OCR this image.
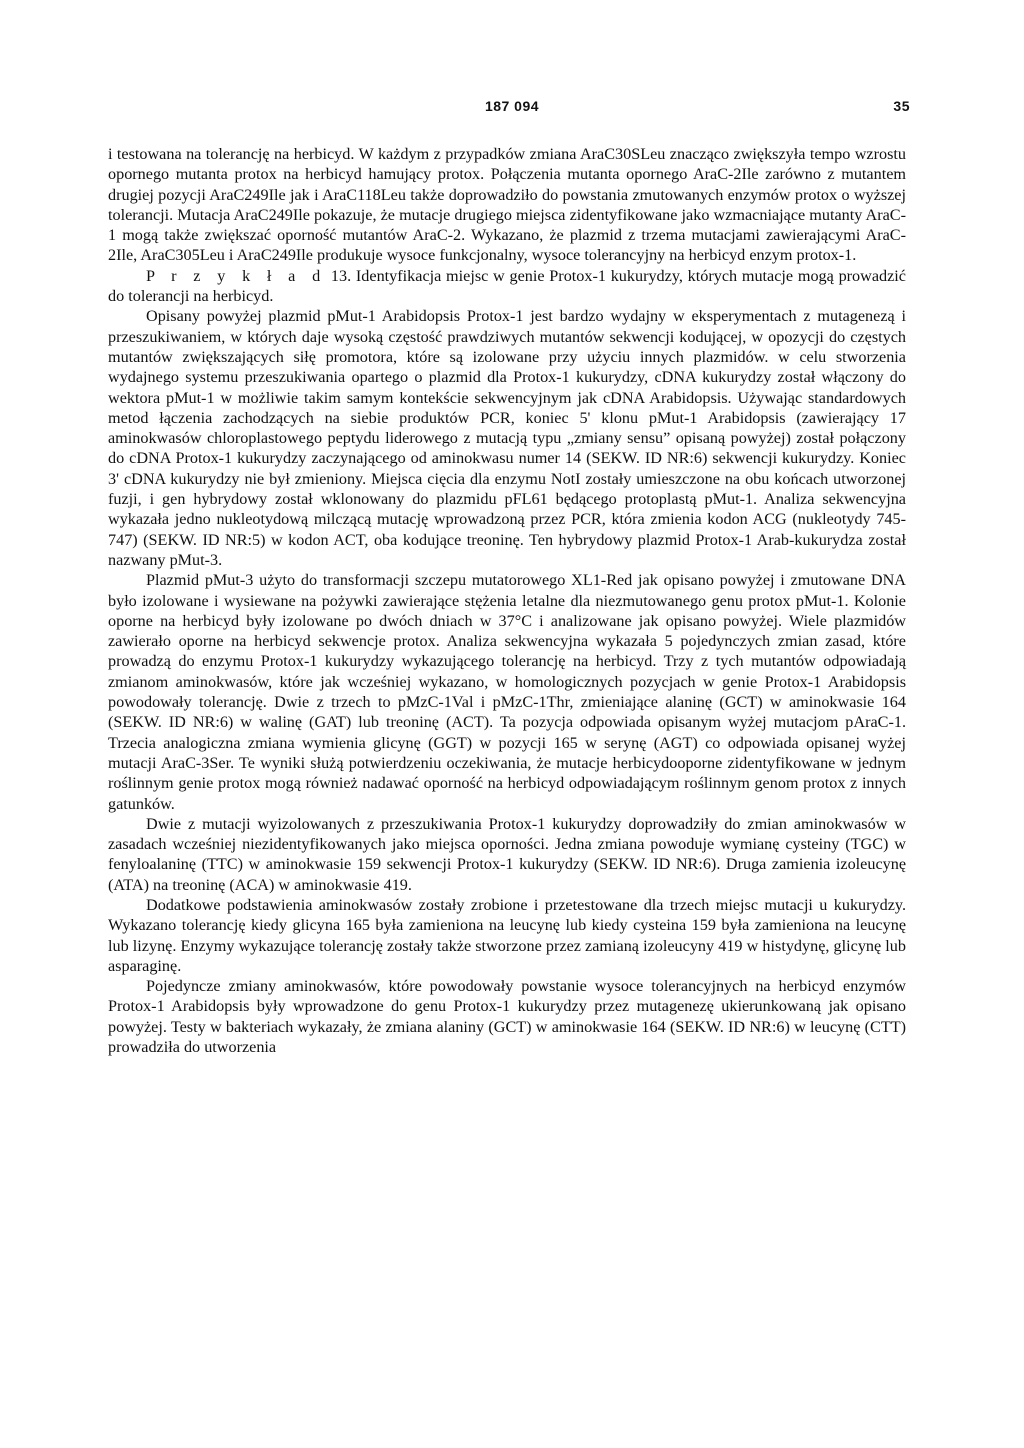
187 094	35

i testowana na tolerancję na herbicyd. W każdym z przypadków zmiana AraC30SLeu znacząco zwiększyła tempo wzrostu opornego mutanta protox na herbicyd hamujący protox. Połączenia mutanta opornego AraC-2Ile zarówno z mutantem drugiej pozycji AraC249Ile jak i AraC118Leu także doprowadziło do powstania zmutowanych enzymów protox o wyższej tolerancji. Mutacja AraC249Ile pokazuje, że mutacje drugiego miejsca zidentyfikowane jako wzmacniające mutanty AraC-1 mogą także zwiększać oporność mutantów AraC-2. Wykazano, że plazmid z trzema mutacjami zawierającymi AraC-2Ile, AraC305Leu i AraC249Ile produkuje wysoce funkcjonalny, wysoce tolerancyjny na herbicyd enzym protox-1.

P r z y k ł a d 13. Identyfikacja miejsc w genie Protox-1 kukurydzy, których mutacje mogą prowadzić do tolerancji na herbicyd.

Opisany powyżej plazmid pMut-1 Arabidopsis Protox-1 jest bardzo wydajny w eksperymentach z mutagenezą i przeszukiwaniem, w których daje wysoką częstość prawdziwych mutantów sekwencji kodującej, w opozycji do częstych mutantów zwiększających siłę promotora, które są izolowane przy użyciu innych plazmidów. w celu stworzenia wydajnego systemu przeszukiwania opartego o plazmid dla Protox-1 kukurydzy, cDNA kukurydzy został włączony do wektora pMut-1 w możliwie takim samym kontekście sekwencyjnym jak cDNA Arabidopsis. Używając standardowych metod łączenia zachodzących na siebie produktów PCR, koniec 5' klonu pMut-1 Arabidopsis (zawierający 17 aminokwasów chloroplastowego peptydu liderowego z mutacją typu „zmiany sensu” opisaną powyżej) został połączony do cDNA Protox-1 kukurydzy zaczynającego od aminokwasu numer 14 (SEKW. ID NR:6) sekwencji kukurydzy. Koniec 3' cDNA kukurydzy nie był zmieniony. Miejsca cięcia dla enzymu NotI zostały umieszczone na obu końcach utworzonej fuzji, i gen hybrydowy został wklonowany do plazmidu pFL61 będącego protoplastą pMut-1. Analiza sekwencyjna wykazała jedno nukleotydową milczącą mutację wprowadzoną przez PCR, która zmienia kodon ACG (nukleotydy 745-747) (SEKW. ID NR:5) w kodon ACT, oba kodujące treoninę. Ten hybrydowy plazmid Protox-1 Arab-kukurydza został nazwany pMut-3.

Plazmid pMut-3 użyto do transformacji szczepu mutatorowego XL1-Red jak opisano powyżej i zmutowane DNA było izolowane i wysiewane na pożywki zawierające stężenia letalne dla niezmutowanego genu protox pMut-1. Kolonie oporne na herbicyd były izolowane po dwóch dniach w 37°C i analizowane jak opisano powyżej. Wiele plazmidów zawierało oporne na herbicyd sekwencje protox. Analiza sekwencyjna wykazała 5 pojedynczych zmian zasad, które prowadzą do enzymu Protox-1 kukurydzy wykazującego tolerancję na herbicyd. Trzy z tych mutantów odpowiadają zmianom aminokwasów, które jak wcześniej wykazano, w homologicznych pozycjach w genie Protox-1 Arabidopsis powodowały tolerancję. Dwie z trzech to pMzC-1Val i pMzC-1Thr, zmieniające alaninę (GCT) w aminokwasie 164 (SEKW. ID NR:6) w walinę (GAT) lub treoninę (ACT). Ta pozycja odpowiada opisanym wyżej mutacjom pAraC-1. Trzecia analogiczna zmiana wymienia glicynę (GGT) w pozycji 165 w serynę (AGT) co odpowiada opisanej wyżej mutacji AraC-3Ser. Te wyniki służą potwierdzeniu oczekiwania, że mutacje herbicydooporne zidentyfikowane w jednym roślinnym genie protox mogą również nadawać oporność na herbicyd odpowiadającym roślinnym genom protox z innych gatunków.

Dwie z mutacji wyizolowanych z przeszukiwania Protox-1 kukurydzy doprowadziły do zmian aminokwasów w zasadach wcześniej niezidentyfikowanych jako miejsca oporności. Jedna zmiana powoduje wymianę cysteiny (TGC) w fenyloalaninę (TTC) w aminokwasie 159 sekwencji Protox-1 kukurydzy (SEKW. ID NR:6). Druga zamienia izoleucynę (ATA) na treoninę (ACA) w aminokwasie 419.

Dodatkowe podstawienia aminokwasów zostały zrobione i przetestowane dla trzech miejsc mutacji u kukurydzy. Wykazano tolerancję kiedy glicyna 165 była zamieniona na leucynę lub kiedy cysteina 159 była zamieniona na leucynę lub lizynę. Enzymy wykazujące tolerancję zostały także stworzone przez zamianą izoleucyny 419 w histydynę, glicynę lub asparaginę.

Pojedyncze zmiany aminokwasów, które powodowały powstanie wysoce tolerancyjnych na herbicyd enzymów Protox-1 Arabidopsis były wprowadzone do genu Protox-1 kukurydzy przez mutagenezę ukierunkowaną jak opisano powyżej. Testy w bakteriach wykazały, że zmiana alaniny (GCT) w aminokwasie 164 (SEKW. ID NR:6) w leucynę (CTT) prowadziła do utworzenia
